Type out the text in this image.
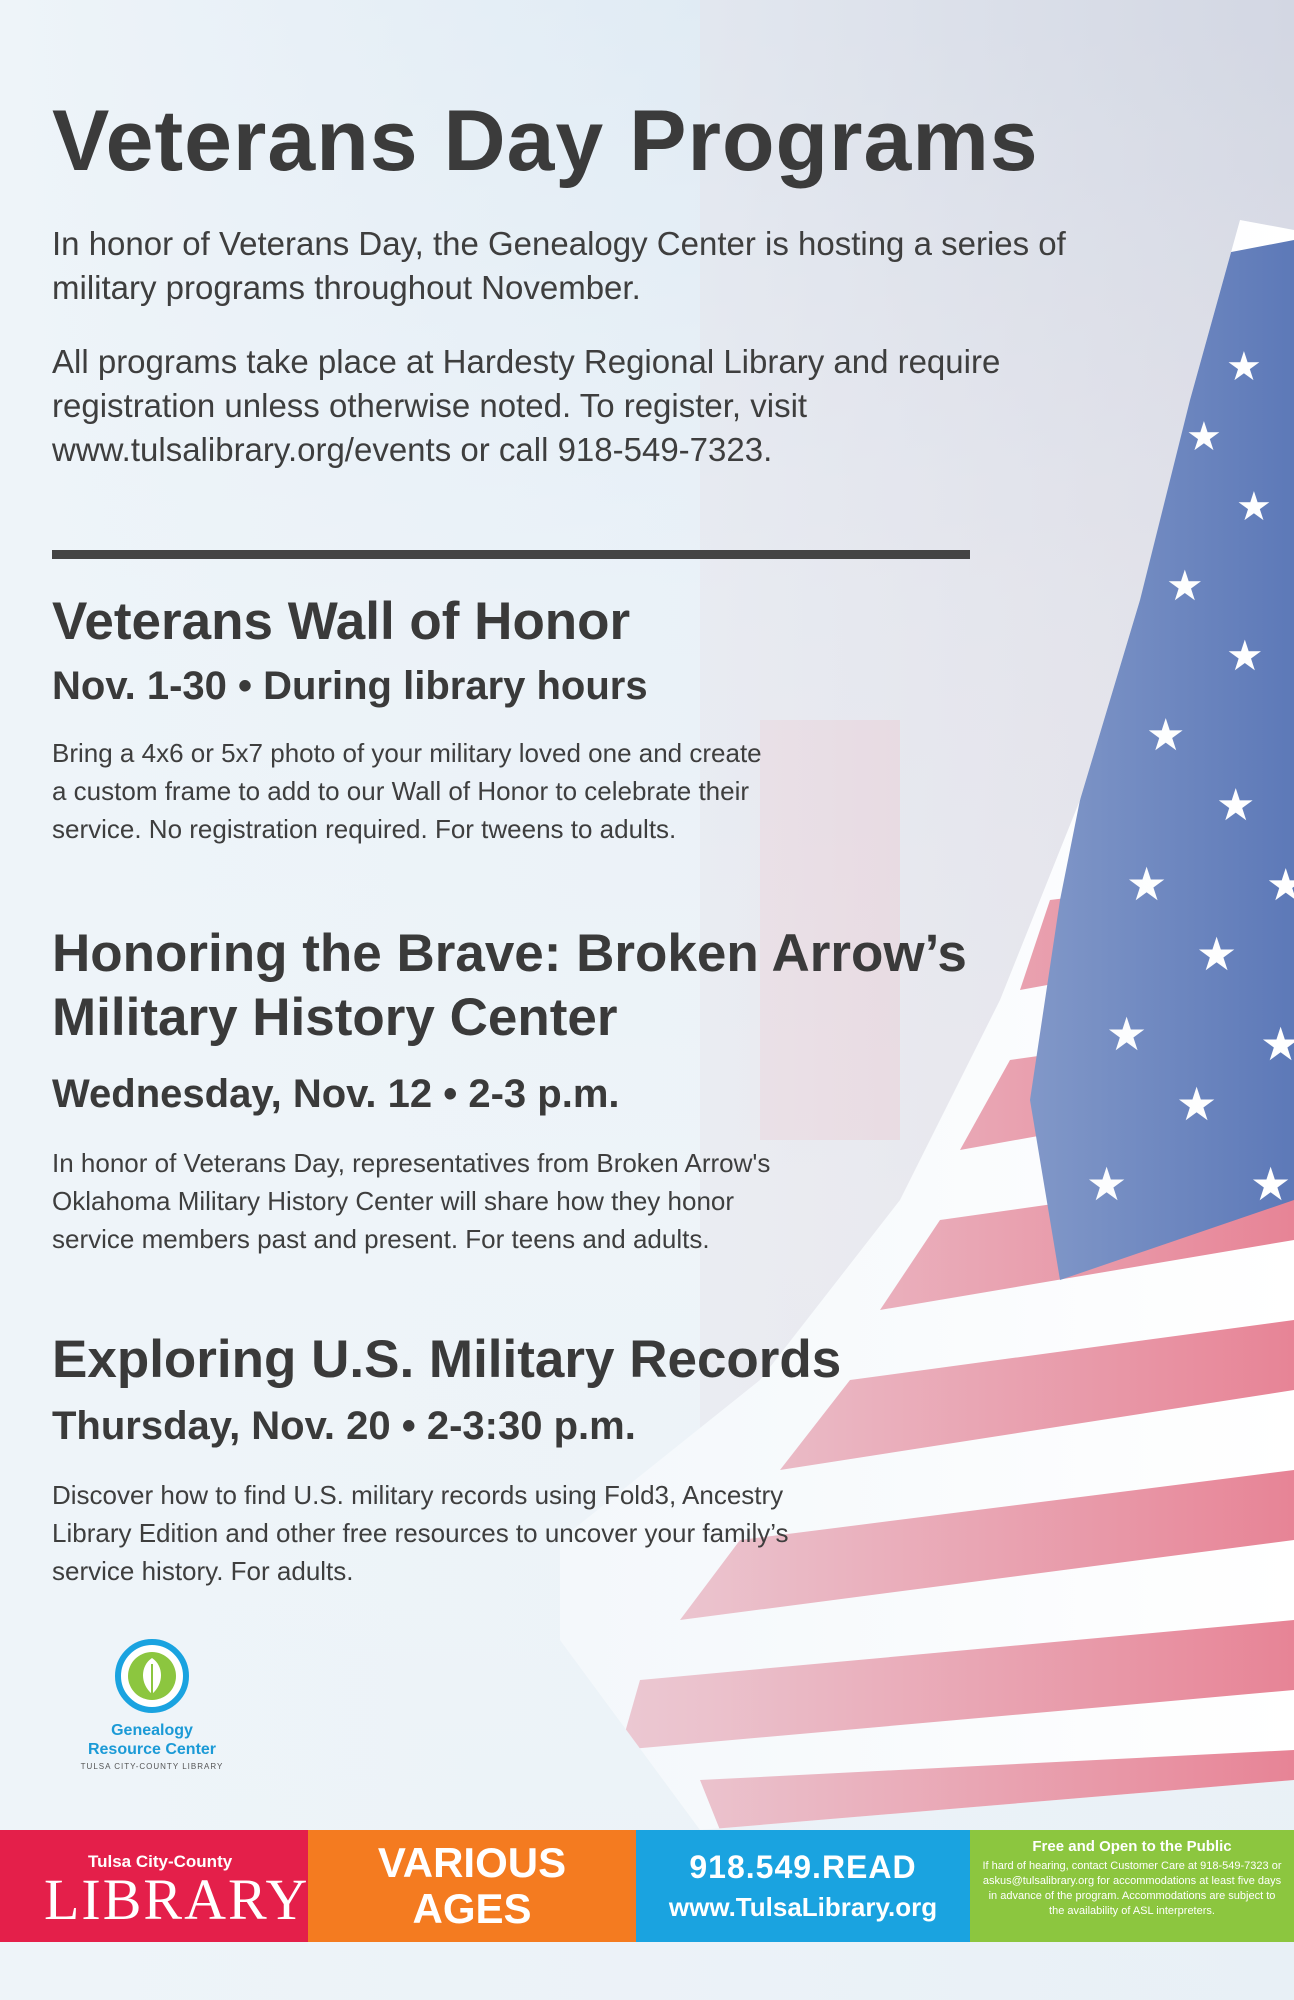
Veterans Day Programs
In honor of Veterans Day, the Genealogy Center is hosting a series of military programs throughout November.
All programs take place at Hardesty Regional Library and require registration unless otherwise noted. To register, visit www.tulsalibrary.org/events or call 918-549-7323.
Veterans Wall of Honor
Nov. 1-30 • During library hours
Bring a 4x6 or 5x7 photo of your military loved one and create a custom frame to add to our Wall of Honor to celebrate their service. No registration required. For tweens to adults.
Honoring the Brave: Broken Arrow’s Military History Center
Wednesday, Nov. 12 • 2-3 p.m.
In honor of Veterans Day, representatives from Broken Arrow's Oklahoma Military History Center will share how they honor service members past and present. For teens and adults.
Exploring U.S. Military Records
Thursday, Nov. 20 • 2-3:30 p.m.
Discover how to find U.S. military records using Fold3, Ancestry Library Edition and other free resources to uncover your family’s service history. For adults.
Genealogy
Resource Center
TULSA CITY-COUNTY LIBRARY
Tulsa City-County
LIBRARY
VARIOUS
AGES
918.549.READ
www.TulsaLibrary.org
Free and Open to the Public
If hard of hearing, contact Customer Care at 918-549-7323 or askus@tulsalibrary.org for accommodations at least five days in advance of the program. Accommodations are subject to the availability of ASL interpreters.
